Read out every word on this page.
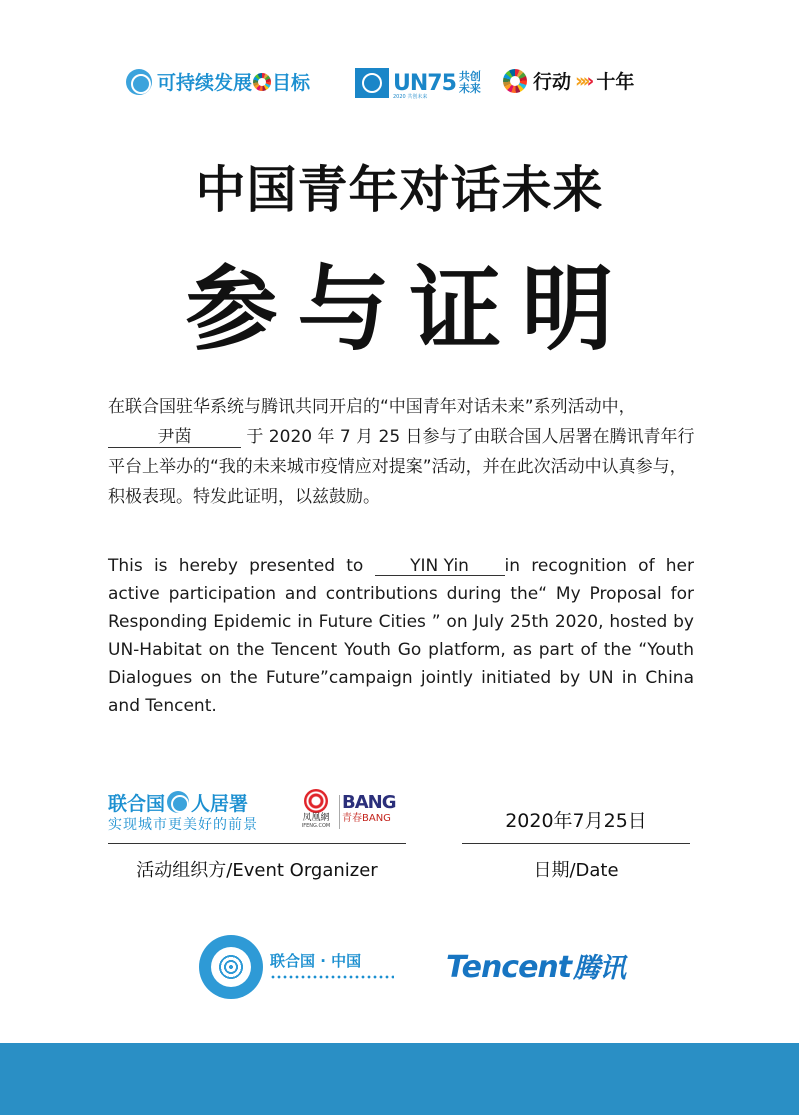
可持续发展 目标	UN75 共创
未来
2020 共创未来
行动 ›››› 十年
中国青年对话未来
参与证明
在联合国驻华系统与腾讯共同开启的“中国青年对话未来”系列活动中，
尹茵	于 2020 年 7 月 25 日参与了由联合国人居署在腾讯青年行平台上举办的“我的未来城市疫情应对提案”活动，并在此次活动中认真参与，积极表现。特发此证明，以兹鼓励。
This is hereby presented to	YIN Yin in recognition of her active participation and contributions during the“ My Proposal for Responding Epidemic in Future Cities ” on July 25th 2020, hosted by UN-Habitat on the Tencent Youth Go platform, as part of the “Youth Dialogues on the Future”campaign jointly initiated by UN in China and Tencent.
联合国 人居署
实现城市更美好的前景	凤凰網
IFENG.COM
BANG
青春BANG	2020年7月25日
活动组织方/Event Organizer	日期/Date
联合国 · 中国	Tencent腾讯
